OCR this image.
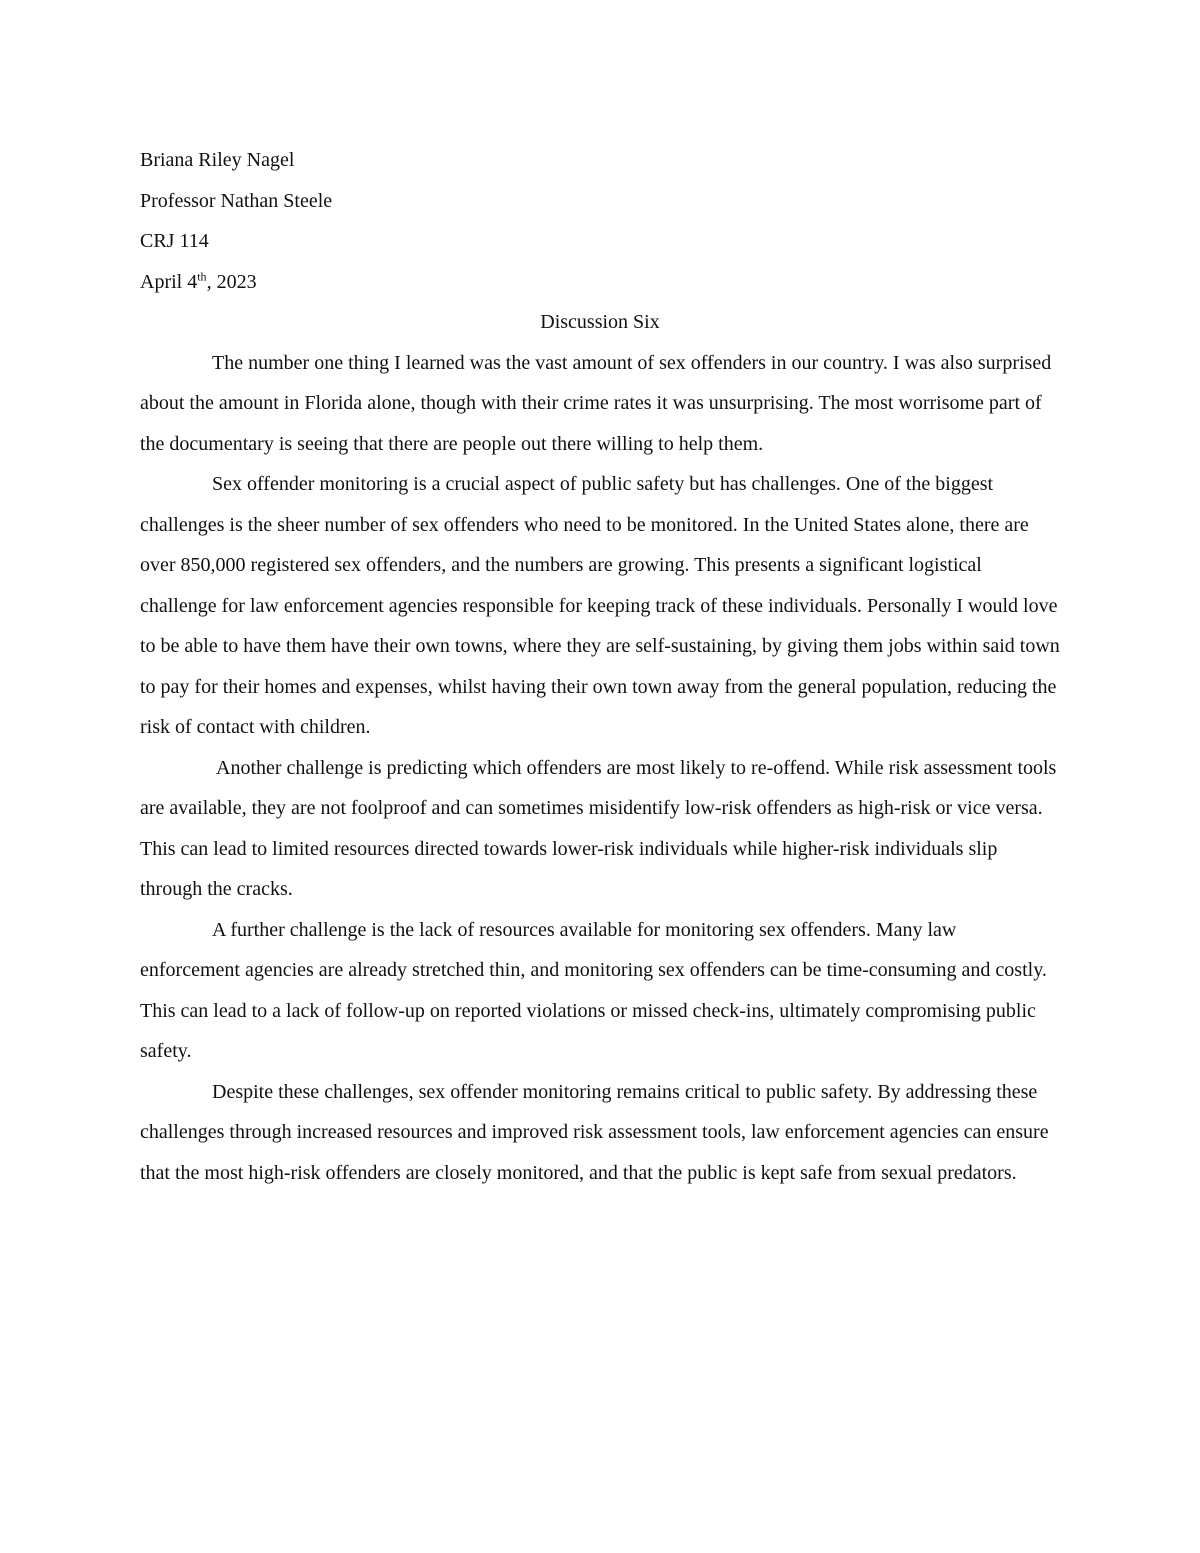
Briana Riley Nagel

Professor Nathan Steele

CRJ 114

April 4th, 2023

Discussion Six

The number one thing I learned was the vast amount of sex offenders in our country. I was also surprised about the amount in Florida alone, though with their crime rates it was unsurprising. The most worrisome part of the documentary is seeing that there are people out there willing to help them.

Sex offender monitoring is a crucial aspect of public safety but has challenges. One of the biggest challenges is the sheer number of sex offenders who need to be monitored. In the United States alone, there are over 850,000 registered sex offenders, and the numbers are growing. This presents a significant logistical challenge for law enforcement agencies responsible for keeping track of these individuals. Personally I would love to be able to have them have their own towns, where they are self-sustaining, by giving them jobs within said town to pay for their homes and expenses, whilst having their own town away from the general population, reducing the risk of contact with children.

Another challenge is predicting which offenders are most likely to re-offend. While risk assessment tools are available, they are not foolproof and can sometimes misidentify low-risk offenders as high-risk or vice versa. This can lead to limited resources directed towards lower-risk individuals while higher-risk individuals slip through the cracks.

A further challenge is the lack of resources available for monitoring sex offenders. Many law enforcement agencies are already stretched thin, and monitoring sex offenders can be time-consuming and costly. This can lead to a lack of follow-up on reported violations or missed check-ins, ultimately compromising public safety.

Despite these challenges, sex offender monitoring remains critical to public safety. By addressing these challenges through increased resources and improved risk assessment tools, law enforcement agencies can ensure that the most high-risk offenders are closely monitored, and that the public is kept safe from sexual predators.
